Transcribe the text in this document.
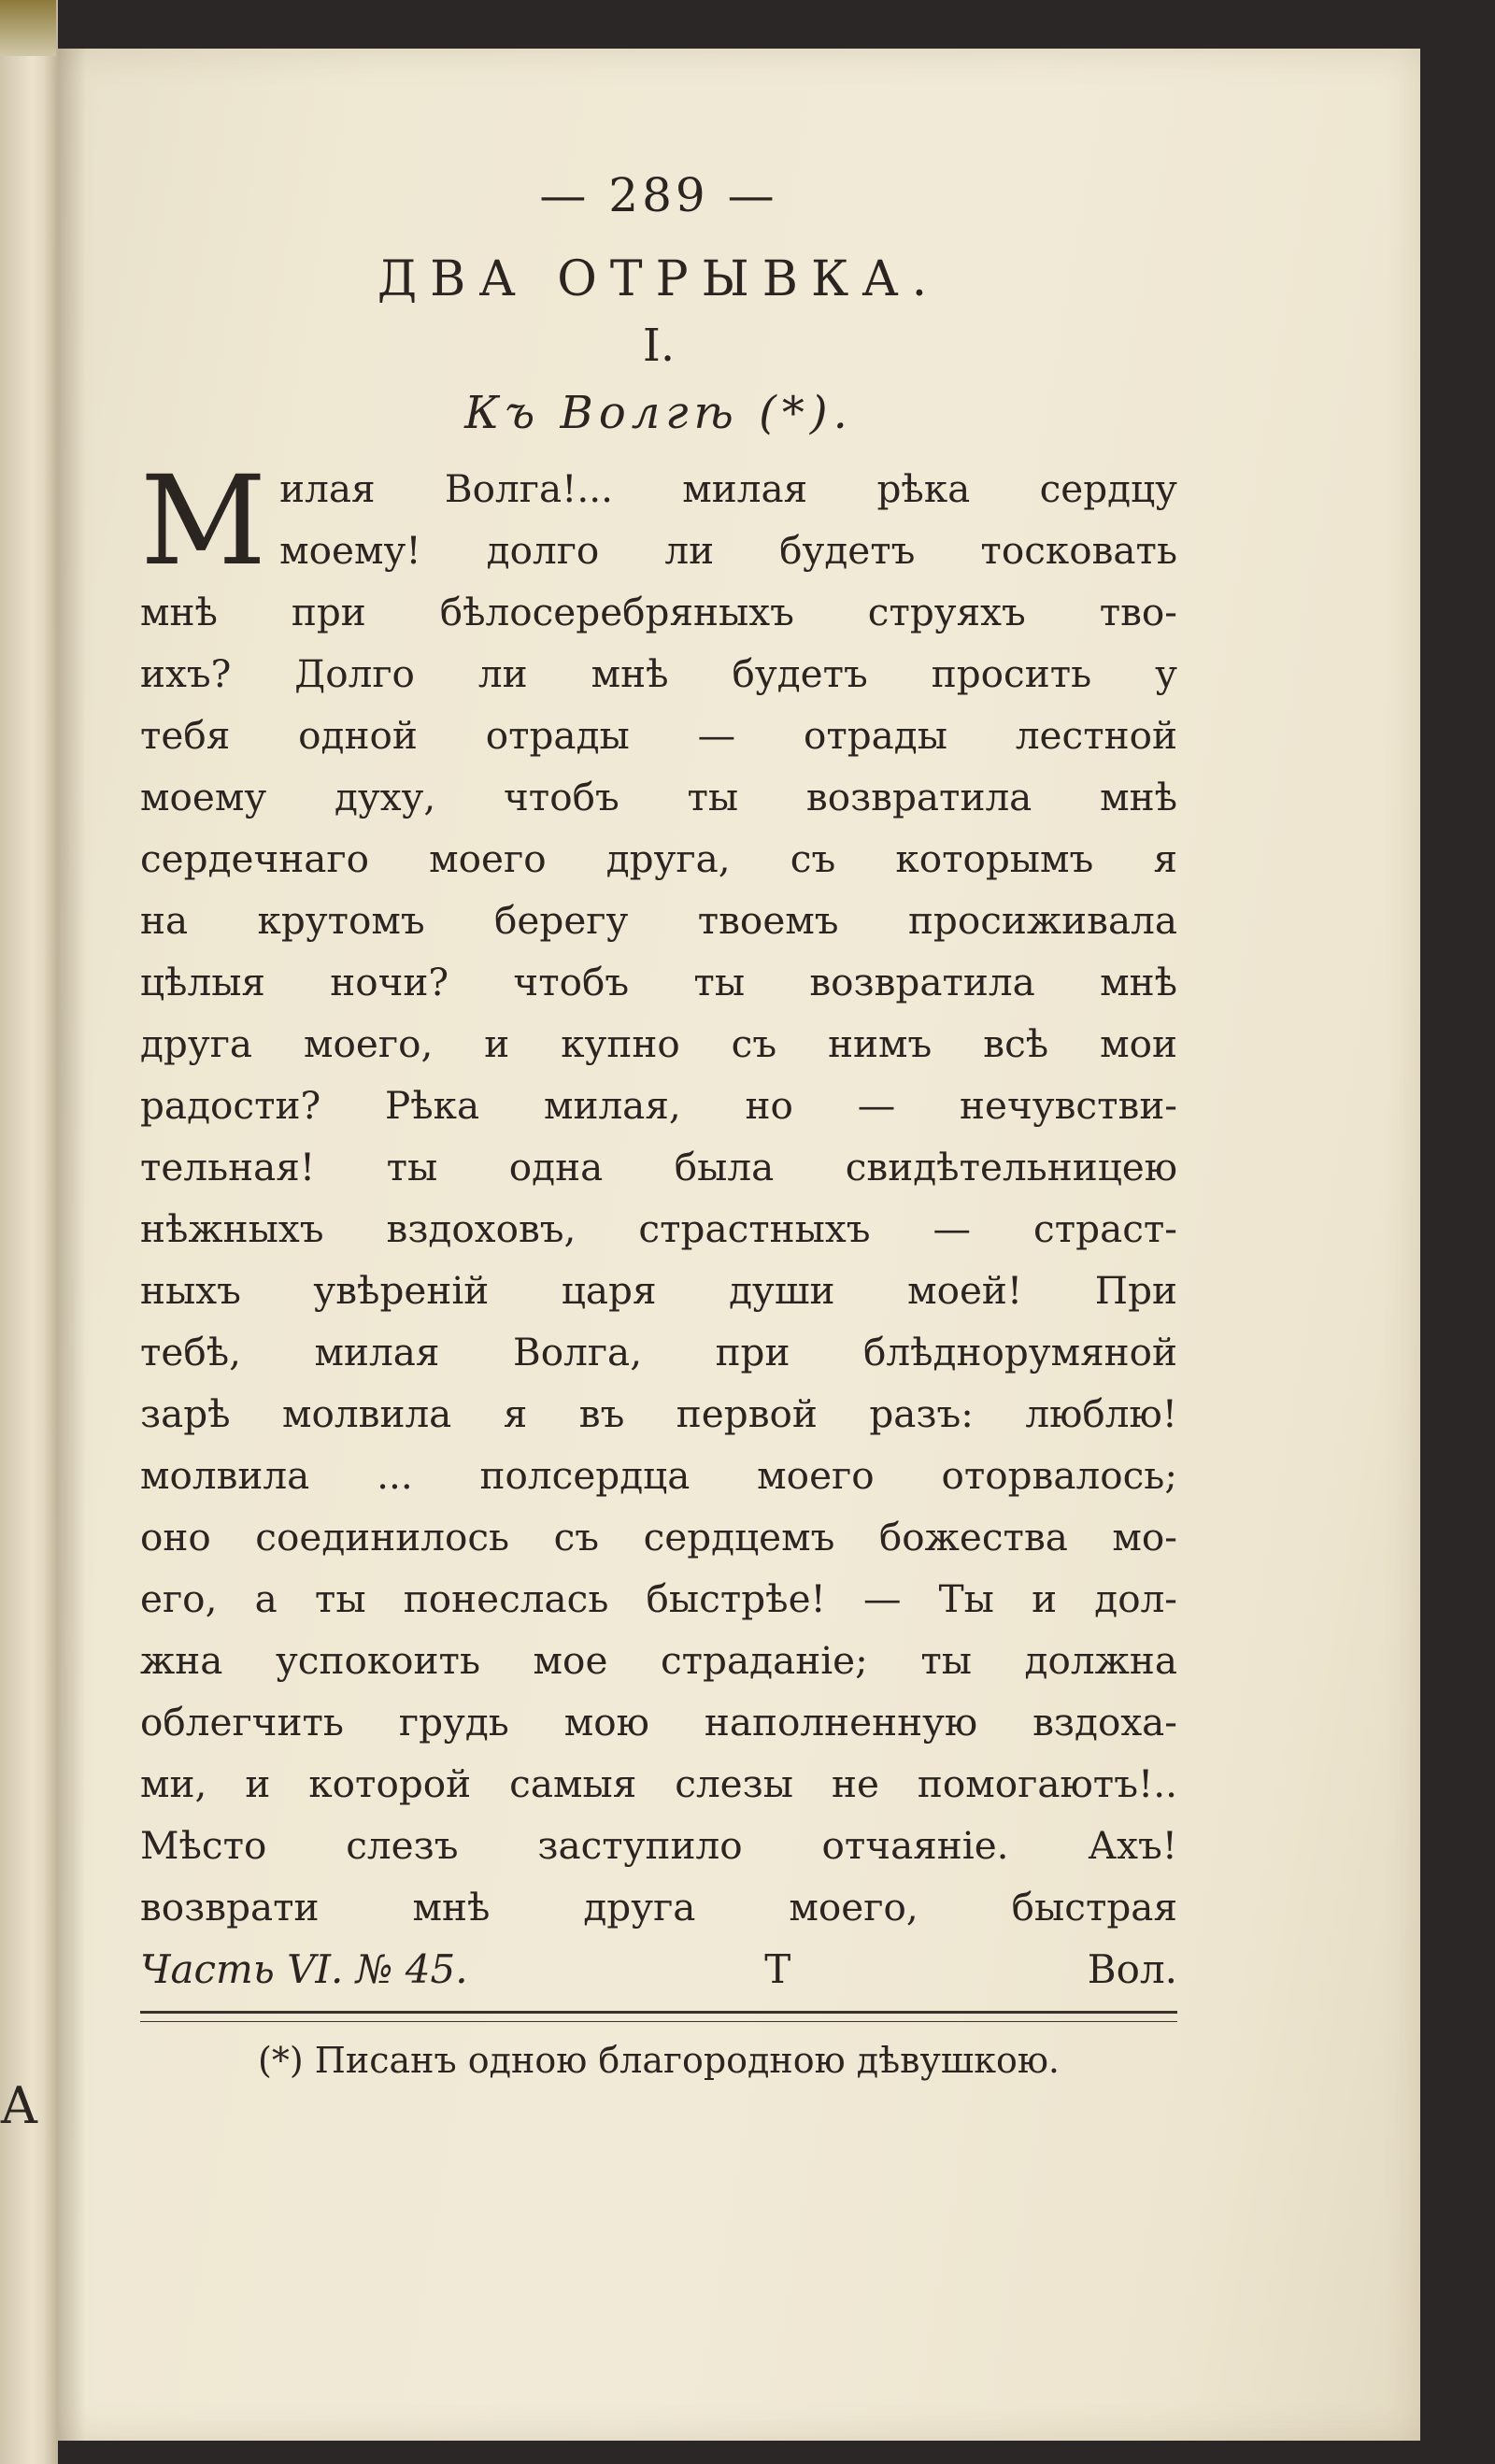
А
— 289 —
ДВА ОТРЫВКА.
I.
Къ Волгѣ (*).
М илая Волга!... милая рѣка сердцу
моему! долго ли будетъ тосковать
мнѣ при бѣлосеребряныхъ струяхъ тво-
ихъ? Долго ли мнѣ будетъ просить у
тебя одной отрады — отрады лестной
моему духу, чтобъ ты возвратила мнѣ
сердечнаго моего друга, съ которымъ я
на крутомъ берегу твоемъ просиживала
цѣлыя ночи? чтобъ ты возвратила мнѣ
друга моего, и купно съ нимъ всѣ мои
радости? Рѣка милая, но — нечувстви-
тельная! ты одна была свидѣтельницею
нѣжныхъ вздоховъ, страстныхъ — страст-
ныхъ увѣренiй царя души моей! При
тебѣ, милая Волга, при блѣднорумяной
зарѣ молвила я въ первой разъ: люблю!
молвила ... полсердца моего оторвалось;
оно соединилось съ сердцемъ божества мо-
его, а ты понеслась быстрѣе! — Ты и дол-
жна успокоить мое страданiе; ты должна
облегчить грудь мою наполненную вздоха-
ми, и которой самыя слезы не помогаютъ!..
Мѣсто слезъ заступило отчаянiе. Ахъ!
возврати мнѣ друга моего, быстрая
Часть VI. № 45.	Т	Вол.
(*) Писанъ одною благородною дѣвушкою.
